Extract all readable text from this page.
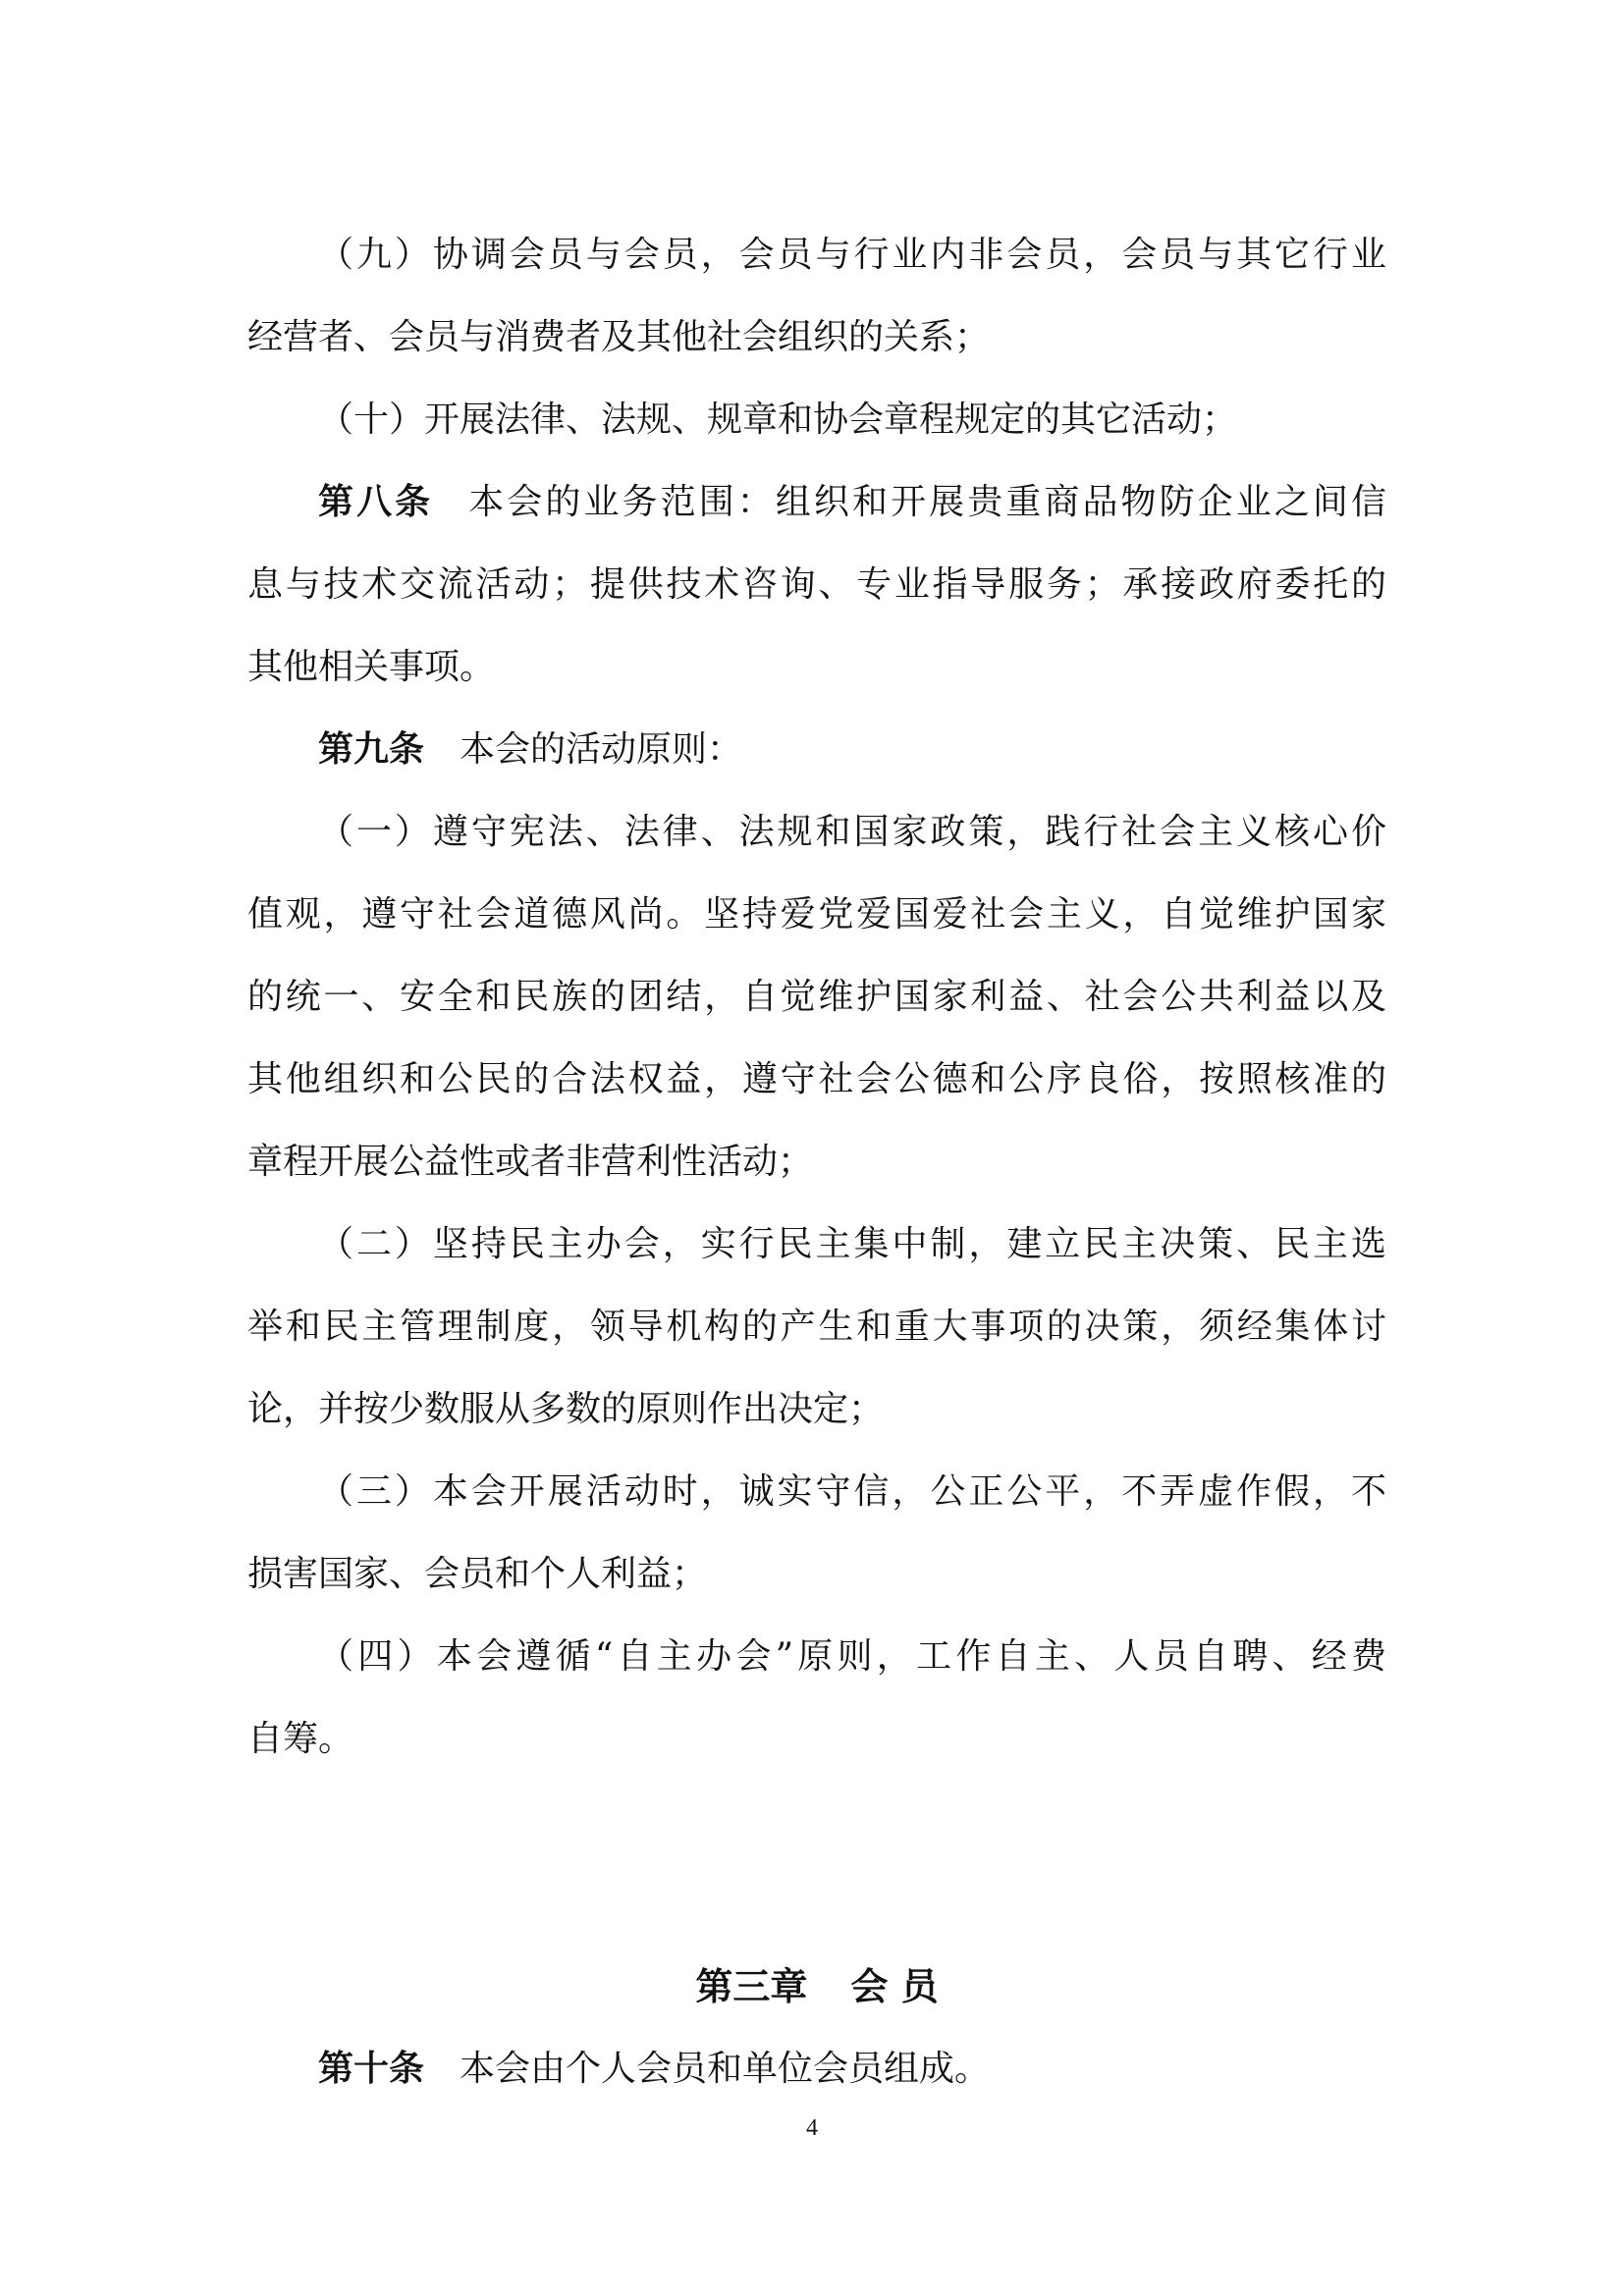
（九）协调会员与会员，会员与行业内非会员，会员与其它行业
经营者、会员与消费者及其他社会组织的关系；
（十）开展法律、法规、规章和协会章程规定的其它活动；
第八条 本会的业务范围：组织和开展贵重商品物防企业之间信
息与技术交流活动；提供技术咨询、专业指导服务；承接政府委托的
其他相关事项。
第九条 本会的活动原则：
（一）遵守宪法、法律、法规和国家政策，践行社会主义核心价
值观，遵守社会道德风尚。坚持爱党爱国爱社会主义，自觉维护国家
的统一、安全和民族的团结，自觉维护国家利益、社会公共利益以及
其他组织和公民的合法权益，遵守社会公德和公序良俗，按照核准的
章程开展公益性或者非营利性活动；
（二）坚持民主办会，实行民主集中制，建立民主决策、民主选
举和民主管理制度，领导机构的产生和重大事项的决策，须经集体讨
论，并按少数服从多数的原则作出决定；
（三）本会开展活动时，诚实守信，公正公平，不弄虚作假，不
损害国家、会员和个人利益；
（四）本会遵循“自主办会”原则，工作自主、人员自聘、经费
自筹。
第三章 会 员
第十条 本会由个人会员和单位会员组成。
4
